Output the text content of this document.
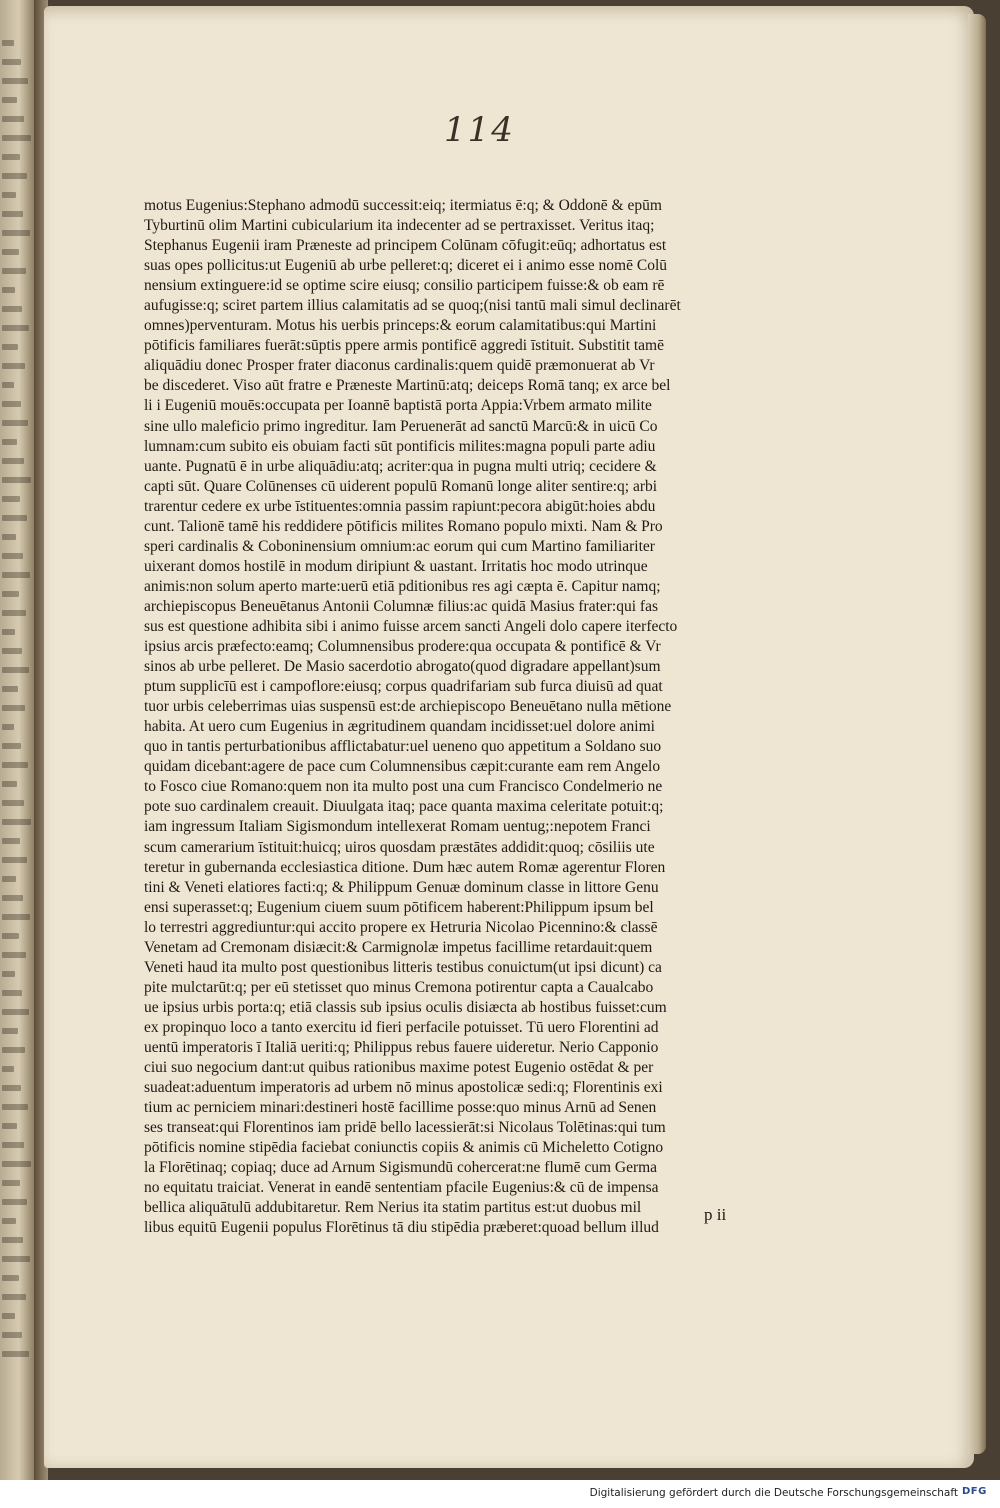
114
motus Eugenius:Stephano admodū successit:eiq; itermiatus ē:q; & Oddonē & epūm
Tyburtinū olim Martini cubicularium ita indecenter ad se pertraxisset. Veritus itaq;
Stephanus Eugenii iram Præneste ad principem Colūnam cōfugit:eūq; adhortatus est
suas opes pollicitus:ut Eugeniū ab urbe pelleret:q; diceret ei i animo esse nomē Colū
nensium extinguere:id se optime scire eiusq; consilio participem fuisse:& ob eam rē
aufugisse:q; sciret partem illius calamitatis ad se quoq;(nisi tantū mali simul declinarēt
omnes)perventuram. Motus his uerbis princeps:& eorum calamitatibus:qui Martini
pōtificis familiares fuerāt:sūptis ppere armis pontificē aggredi īstituit. Substitit tamē
aliquādiu donec Prosper frater diaconus cardinalis:quem quidē præmonuerat ab Vr
be discederet. Viso aūt fratre e Præneste Martinū:atq; deiceps Romā tanq; ex arce bel
li i Eugeniū mouēs:occupata per Ioannē baptistā porta Appia:Vrbem armato milite
sine ullo maleficio primo ingreditur. Iam Peruenerāt ad sanctū Marcū:& in uicū Co
lumnam:cum subito eis obuiam facti sūt pontificis milites:magna populi parte adiu
uante. Pugnatū ē in urbe aliquādiu:atq; acriter:qua in pugna multi utriq; cecidere &
capti sūt. Quare Colūnenses cū uiderent populū Romanū longe aliter sentire:q; arbi
trarentur cedere ex urbe īstituentes:omnia passim rapiunt:pecora abigūt:hoies abdu
cunt. Talionē tamē his reddidere pōtificis milites Romano populo mixti. Nam & Pro
speri cardinalis & Coboninensium omnium:ac eorum qui cum Martino familiariter
uixerant domos hostilē in modum diripiunt & uastant. Irritatis hoc modo utrinque
animis:non solum aperto marte:uerū etiā pditionibus res agi cæpta ē. Capitur namq;
archiepiscopus Beneuētanus Antonii Columnæ filius:ac quidā Masius frater:qui fas
sus est questione adhibita sibi i animo fuisse arcem sancti Angeli dolo capere iterfecto
ipsius arcis præfecto:eamq; Columnensibus prodere:qua occupata & pontificē & Vr
sinos ab urbe pelleret. De Masio sacerdotio abrogato(quod digradare appellant)sum
ptum supplicīū est i campoflore:eiusq; corpus quadrifariam sub furca diuisū ad quat
tuor urbis celeberrimas uias suspensū est:de archiepiscopo Beneuētano nulla mētione
habita. At uero cum Eugenius in ægritudinem quandam incidisset:uel dolore animi
quo in tantis perturbationibus afflictabatur:uel ueneno quo appetitum a Soldano suo
quidam dicebant:agere de pace cum Columnensibus cæpit:curante eam rem Angelo
to Fosco ciue Romano:quem non ita multo post una cum Francisco Condelmerio ne
pote suo cardinalem creauit. Diuulgata itaq; pace quanta maxima celeritate potuit:q;
iam ingressum Italiam Sigismondum intellexerat Romam uentug;:nepotem Franci
scum camerarium īstituit:huicq; uiros quosdam præstātes addidit:quoq; cōsiliis ute
teretur in gubernanda ecclesiastica ditione. Dum hæc autem Romæ agerentur Floren
tini & Veneti elatiores facti:q; & Philippum Genuæ dominum classe in littore Genu
ensi superasset:q; Eugenium ciuem suum pōtificem haberent:Philippum ipsum bel
lo terrestri aggrediuntur:qui accito propere ex Hetruria Nicolao Picennino:& classē
Venetam ad Cremonam disiæcit:& Carmignolæ impetus facillime retardauit:quem
Veneti haud ita multo post questionibus litteris testibus conuictum(ut ipsi dicunt) ca
pite mulctarūt:q; per eū stetisset quo minus Cremona potirentur capta a Caualcabo
ue ipsius urbis porta:q; etiā classis sub ipsius oculis disiæcta ab hostibus fuisset:cum
ex propinquo loco a tanto exercitu id fieri perfacile potuisset. Tū uero Florentini ad
uentū imperatoris ī Italiā ueriti:q; Philippus rebus fauere uideretur. Nerio Capponio
ciui suo negocium dant:ut quibus rationibus maxime potest Eugenio ostēdat & per
suadeat:aduentum imperatoris ad urbem nō minus apostolicæ sedi:q; Florentinis exi
tium ac perniciem minari:destineri hostē facillime posse:quo minus Arnū ad Senen
ses transeat:qui Florentinos iam pridē bello lacessierāt:si Nicolaus Tolētinas:qui tum
pōtificis nomine stipēdia faciebat coniunctis copiis & animis cū Micheletto Cotigno
la Florētinaq; copiaq; duce ad Arnum Sigismundū cohercerat:ne flumē cum Germa
no equitatu traiciat. Venerat in eandē sententiam pfacile Eugenius:& cū de impensa
bellica aliquātulū addubitaretur. Rem Nerius ita statim partitus est:ut duobus mil
libus equitū Eugenii populus Florētinus tā diu stipēdia præberet:quoad bellum illud
p ii
Digitalisierung gefördert durch die Deutsche Forschungsgemeinschaft DFG
